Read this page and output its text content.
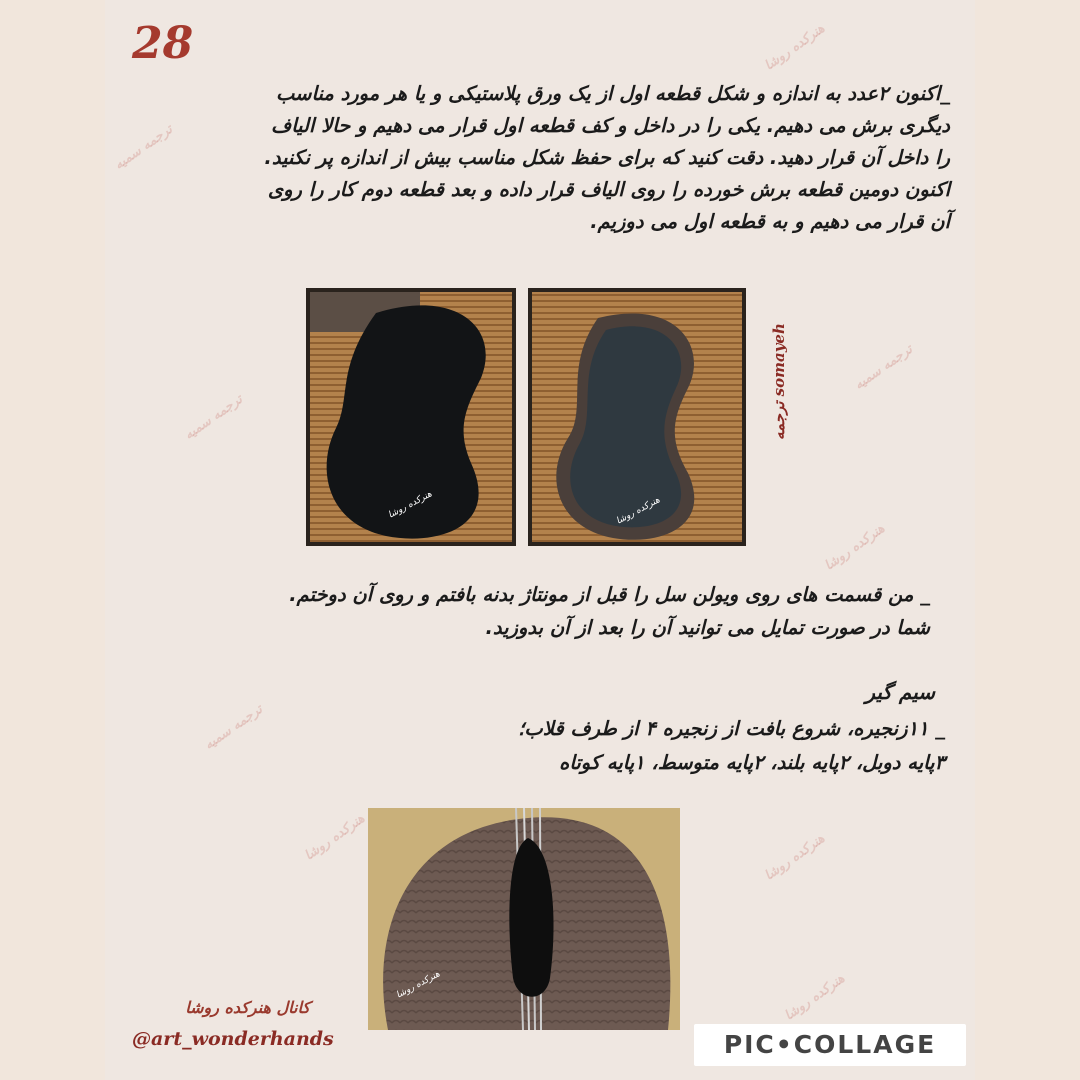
هنرکده روشا
ترجمه سمیه
ترجمه سمیه
ترجمه سمیه
هنرکده روشا
ترجمه سمیه
هنرکده روشا	هنرکده روشا
هنرکده روشا
28
_اکنون ۲عدد به اندازه و شکل قطعه اول از یک ورق پلاستیکی و یا هر مورد مناسب
دیگری برش می دهیم. یکی را در داخل و کف قطعه اول قرار می دهیم و حالا الیاف
را داخل آن قرار دهید. دقت کنید که برای حفظ شکل مناسب بیش از اندازه پر نکنید.
اکنون دومین قطعه برش خورده را روی الیاف قرار داده و بعد قطعه دوم کار را روی
آن قرار می دهیم و به قطعه اول می دوزیم.
هنرکده روشا	هنرکده روشا
ترجمه somayeh
_ من قسمت های روی ویولن سل را قبل از مونتاژ بدنه بافتم و روی آن دوختم.
شما در صورت تمایل می توانید آن را بعد از آن بدوزید.
سیم گیر
_ ۱۱زنجیره، شروع بافت از زنجیره ۴ از طرف قلاب؛
۳پایه دوبل، ۲پایه بلند، ۲پایه متوسط، ۱پایه کوتاه
هنرکده روشا
کانال هنرکده روشا
@art_wonderhands	PIC•COLLAGE
